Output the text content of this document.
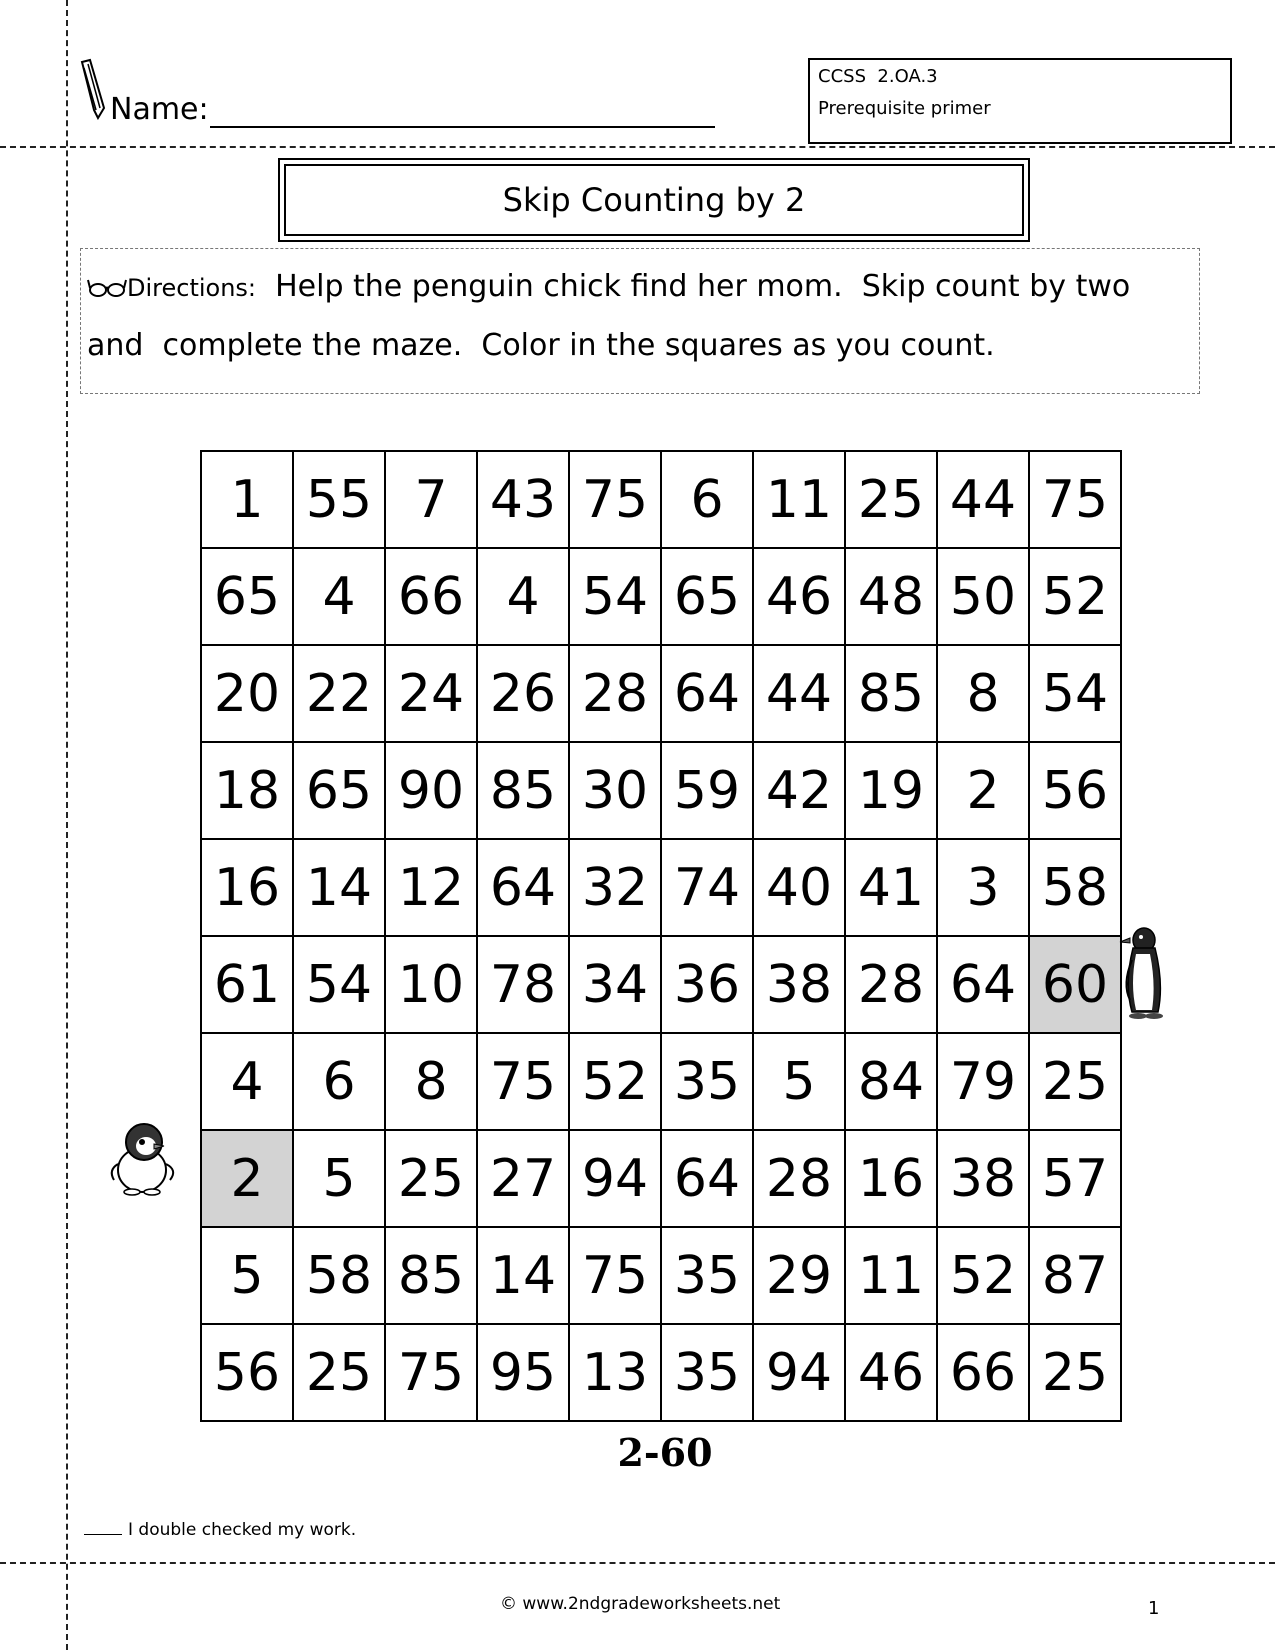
Name:
CCSS  2.OA.3
Prerequisite primer
Skip Counting by 2
Directions:  Help the penguin chick find her mom.  Skip count by two and  complete the maze.  Color in the squares as you count.
1	55	7	43	75	6	11	25	44	75
65	4	66	4	54	65	46	48	50	52
20	22	24	26	28	64	44	85	8	54
18	65	90	85	30	59	42	19	2	56
16	14	12	64	32	74	40	41	3	58
61	54	10	78	34	36	38	28	64	60
4	6	8	75	52	35	5	84	79	25
2	5	25	27	94	64	28	16	38	57
5	58	85	14	75	35	29	11	52	87
56	25	75	95	13	35	94	46	66	25
2-60
I double checked my work.
© www.2ndgradeworksheets.net	1
